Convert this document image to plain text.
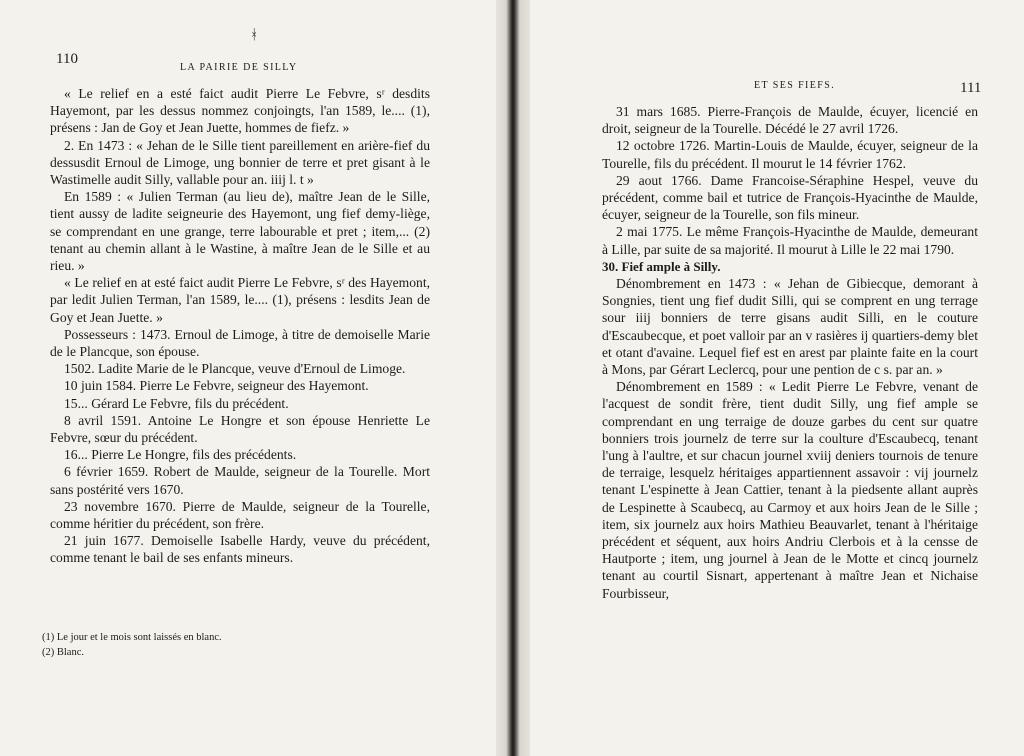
110
LA PAIRIE DE SILLY
ᚼ

« Le relief en a esté faict audit Pierre Le Febvre, sʳ desdits Hayemont, par les dessus nommez conjoingts, l'an 1589, le.... (1), présens : Jan de Goy et Jean Juette, hommes de fiefz. »

2. En 1473 : « Jehan de le Sille tient pareillement en arière-fief du dessusdit Ernoul de Limoge, ung bonnier de terre et pret gisant à le Wastimelle audit Silly, vallable pour an. iiij l. t »

En 1589 : « Julien Terman (au lieu de), maître Jean de le Sille, tient aussy de ladite seigneurie des Hayemont, ung fief demy-liège, se comprendant en une grange, terre labourable et pret ; item,... (2) tenant au chemin allant à le Wastine, à maître Jean de le Sille et au rieu. »

« Le relief en at esté faict audit Pierre Le Febvre, sʳ des Hayemont, par ledit Julien Terman, l'an 1589, le.... (1), présens : lesdits Jean de Goy et Jean Juette. »

Possesseurs : 1473. Ernoul de Limoge, à titre de demoiselle Marie de le Plancque, son épouse.

1502. Ladite Marie de le Plancque, veuve d'Ernoul de Limoge.

10 juin 1584. Pierre Le Febvre, seigneur des Hayemont.

15... Gérard Le Febvre, fils du précédent.

8 avril 1591. Antoine Le Hongre et son épouse Henriette Le Febvre, sœur du précédent.

16... Pierre Le Hongre, fils des précédents.

6 février 1659. Robert de Maulde, seigneur de la Tourelle. Mort sans postérité vers 1670.

23 novembre 1670. Pierre de Maulde, seigneur de la Tourelle, comme héritier du précédent, son frère.

21 juin 1677. Demoiselle Isabelle Hardy, veuve du précédent, comme tenant le bail de ses enfants mineurs.

(1) Le jour et le mois sont laissés en blanc.
(2) Blanc.
ET SES FIEFS.	111

31 mars 1685. Pierre-François de Maulde, écuyer, licencié en droit, seigneur de la Tourelle. Décédé le 27 avril 1726.

12 octobre 1726. Martin-Louis de Maulde, écuyer, seigneur de la Tourelle, fils du précédent. Il mourut le 14 février 1762.

29 aout 1766. Dame Francoise-Séraphine Hespel, veuve du précédent, comme bail et tutrice de François-Hyacinthe de Maulde, écuyer, seigneur de la Tourelle, son fils mineur.

2 mai 1775. Le même François-Hyacinthe de Maulde, demeurant à Lille, par suite de sa majorité. Il mourut à Lille le 22 mai 1790.

30. Fief ample à Silly.

Dénombrement en 1473 : « Jehan de Gibiecque, demorant à Songnies, tient ung fief dudit Silli, qui se comprent en ung terrage sour iiij bonniers de terre gisans audit Silli, en le couture d'Escaubecque, et poet valloir par an v rasières ij quartiers-demy blet et otant d'avaine. Lequel fief est en arest par plainte faite en la court à Mons, par Gérart Leclercq, pour une pention de c s. par an. »

Dénombrement en 1589 : « Ledit Pierre Le Febvre, venant de l'acquest de sondit frère, tient dudit Silly, ung fief ample se comprendant en ung terraige de douze garbes du cent sur quatre bonniers trois journelz de terre sur la coulture d'Escaubecq, tenant l'ung à l'aultre, et sur chacun journel xviij deniers tournois de tenure de terraige, lesquelz héritaiges appartiennent assavoir : vij journelz tenant L'espinette à Jean Cattier, tenant à la piedsente allant auprès de Lespinette à Scaubecq, au Carmoy et aux hoirs Jean de le Sille ; item, six journelz aux hoirs Mathieu Beauvarlet, tenant à l'héritaige précédent et séquent, aux hoirs Andriu Clerbois et à la censse de Hautporte ; item, ung journel à Jean de le Motte et cincq journelz tenant au courtil Sisnart, appertenant à maître Jean et Nichaise Fourbisseur,
